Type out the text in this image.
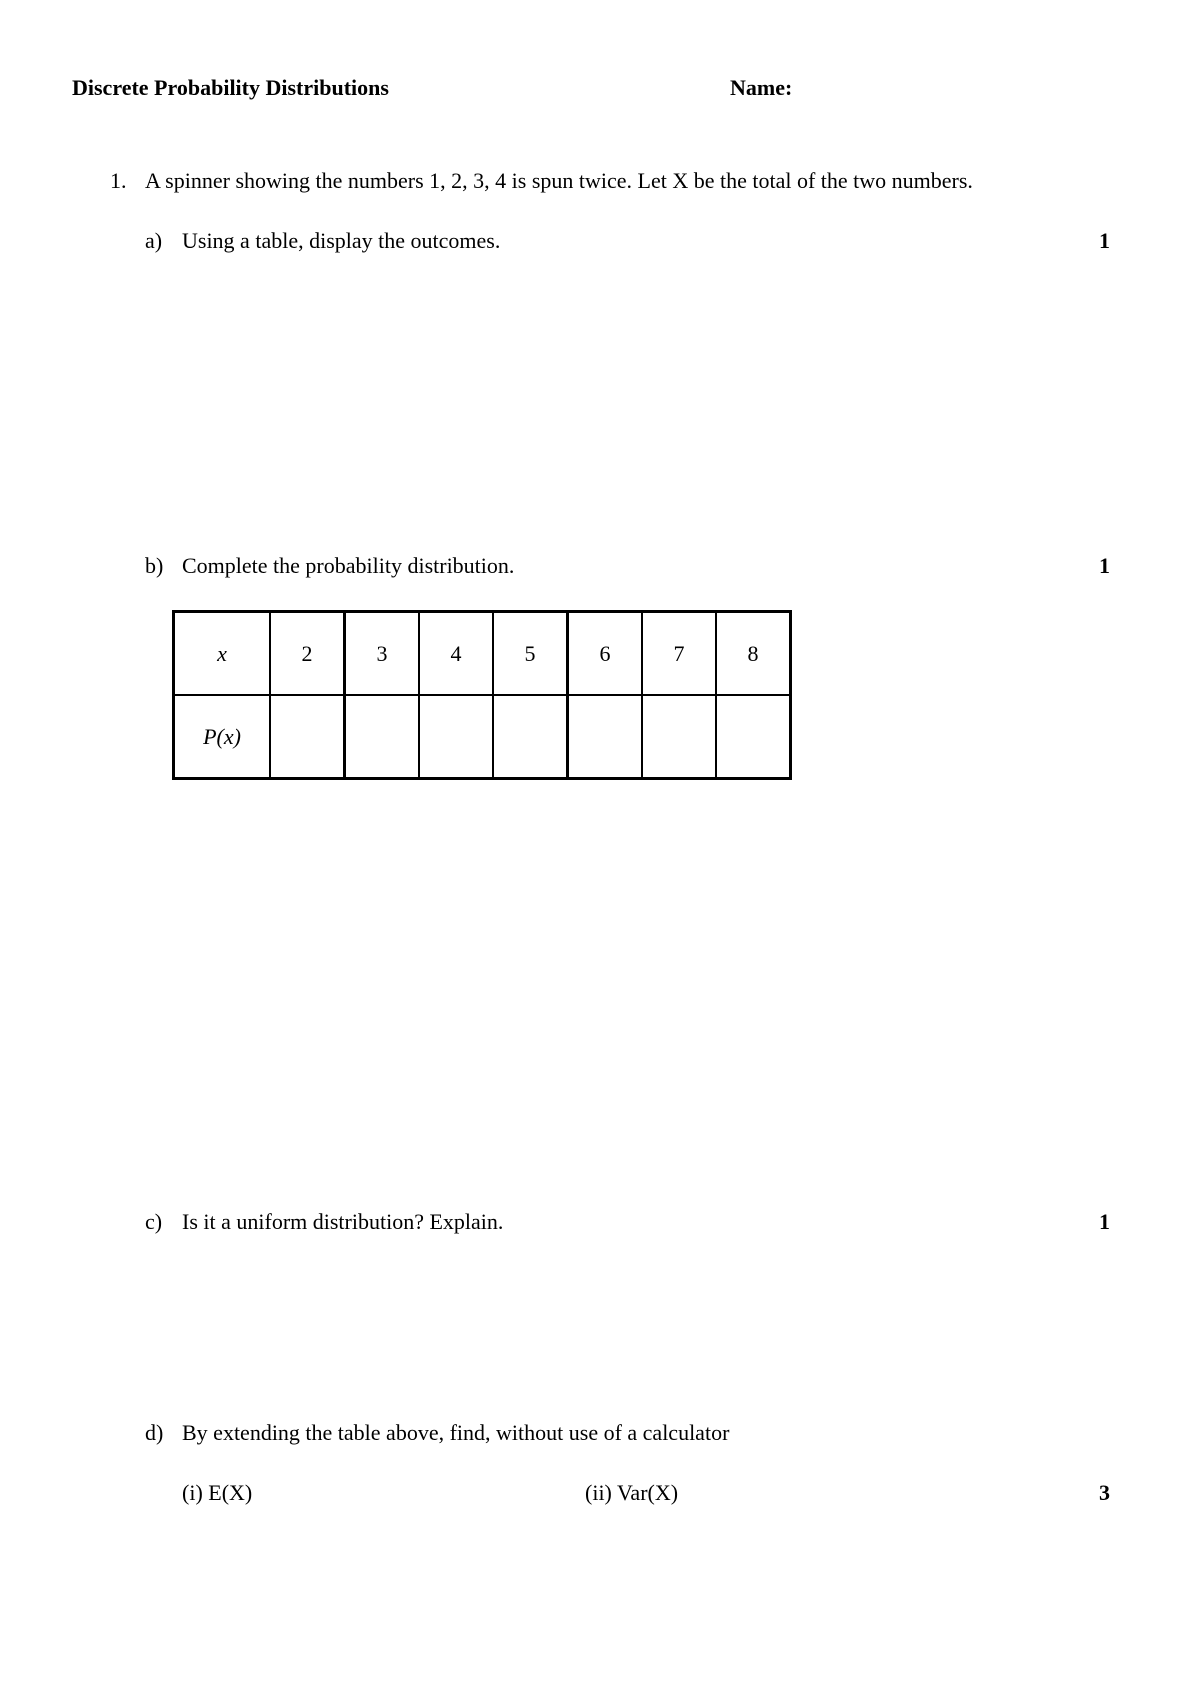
Discrete Probability Distributions	Name:
1. A spinner showing the numbers 1, 2, 3, 4 is spun twice. Let X be the total of the two numbers.
a) Using a table, display the outcomes.	1
b) Complete the probability distribution.	1
x	2	3	4	5	6	7	8
P(x)							
c) Is it a uniform distribution? Explain.	1
d) By extending the table above, find, without use of a calculator
(i) E(X)	(ii) Var(X)	3
